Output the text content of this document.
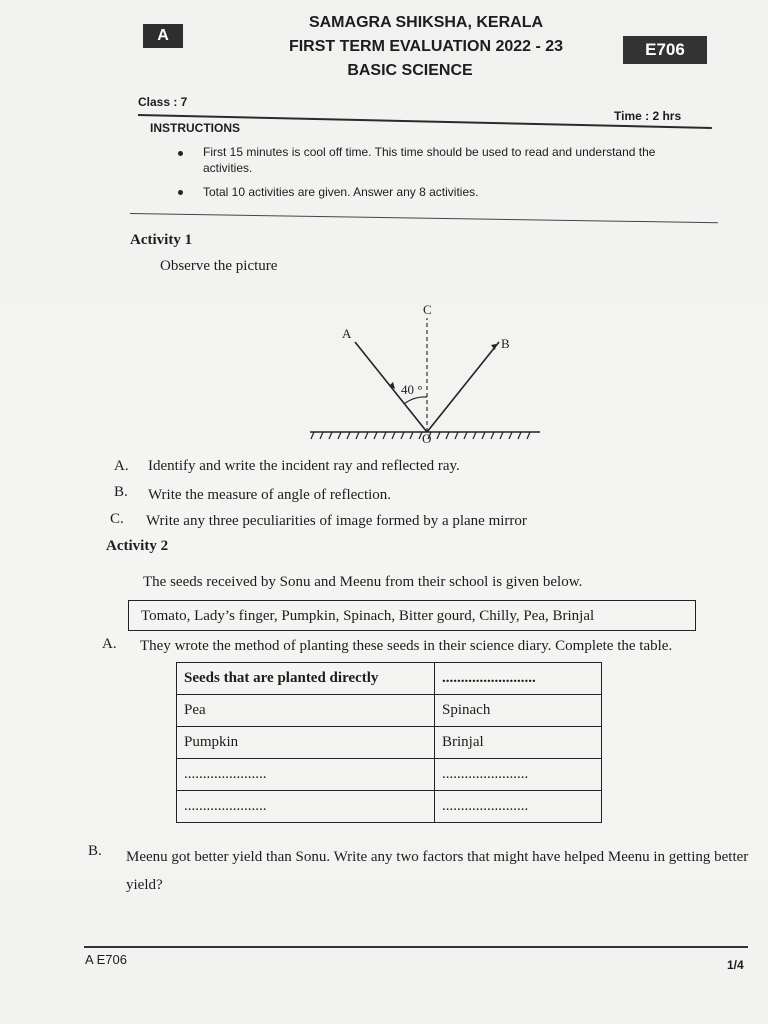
A
E706
SAMAGRA SHIKSHA, KERALA
FIRST TERM EVALUATION 2022 - 23
BASIC SCIENCE
Class : 7
Time : 2 hrs
INSTRUCTIONS
First 15 minutes is cool off time. This time should be used to read and understand the activities.
Total 10 activities are given. Answer any 8 activities.
Activity 1
Observe the picture
40 °
A
B
C
O
A. Identify and write the incident ray and reflected ray.
B. Write the measure of angle of reflection.
C. Write any three peculiarities of image formed by a plane mirror
Activity 2
The seeds received by Sonu and Meenu from their school is given below.
Tomato, Lady’s finger, Pumpkin, Spinach, Bitter gourd, Chilly, Pea, Brinjal
A. They wrote the method of planting these seeds in their science diary. Complete the table.
Seeds that are planted directly	.........................
Pea	Spinach
Pumpkin	Brinjal
......................	.......................
......................	.......................
B. Meenu got better yield than Sonu. Write any two factors that might have helped Meenu in getting better yield?
A E706	1/4
